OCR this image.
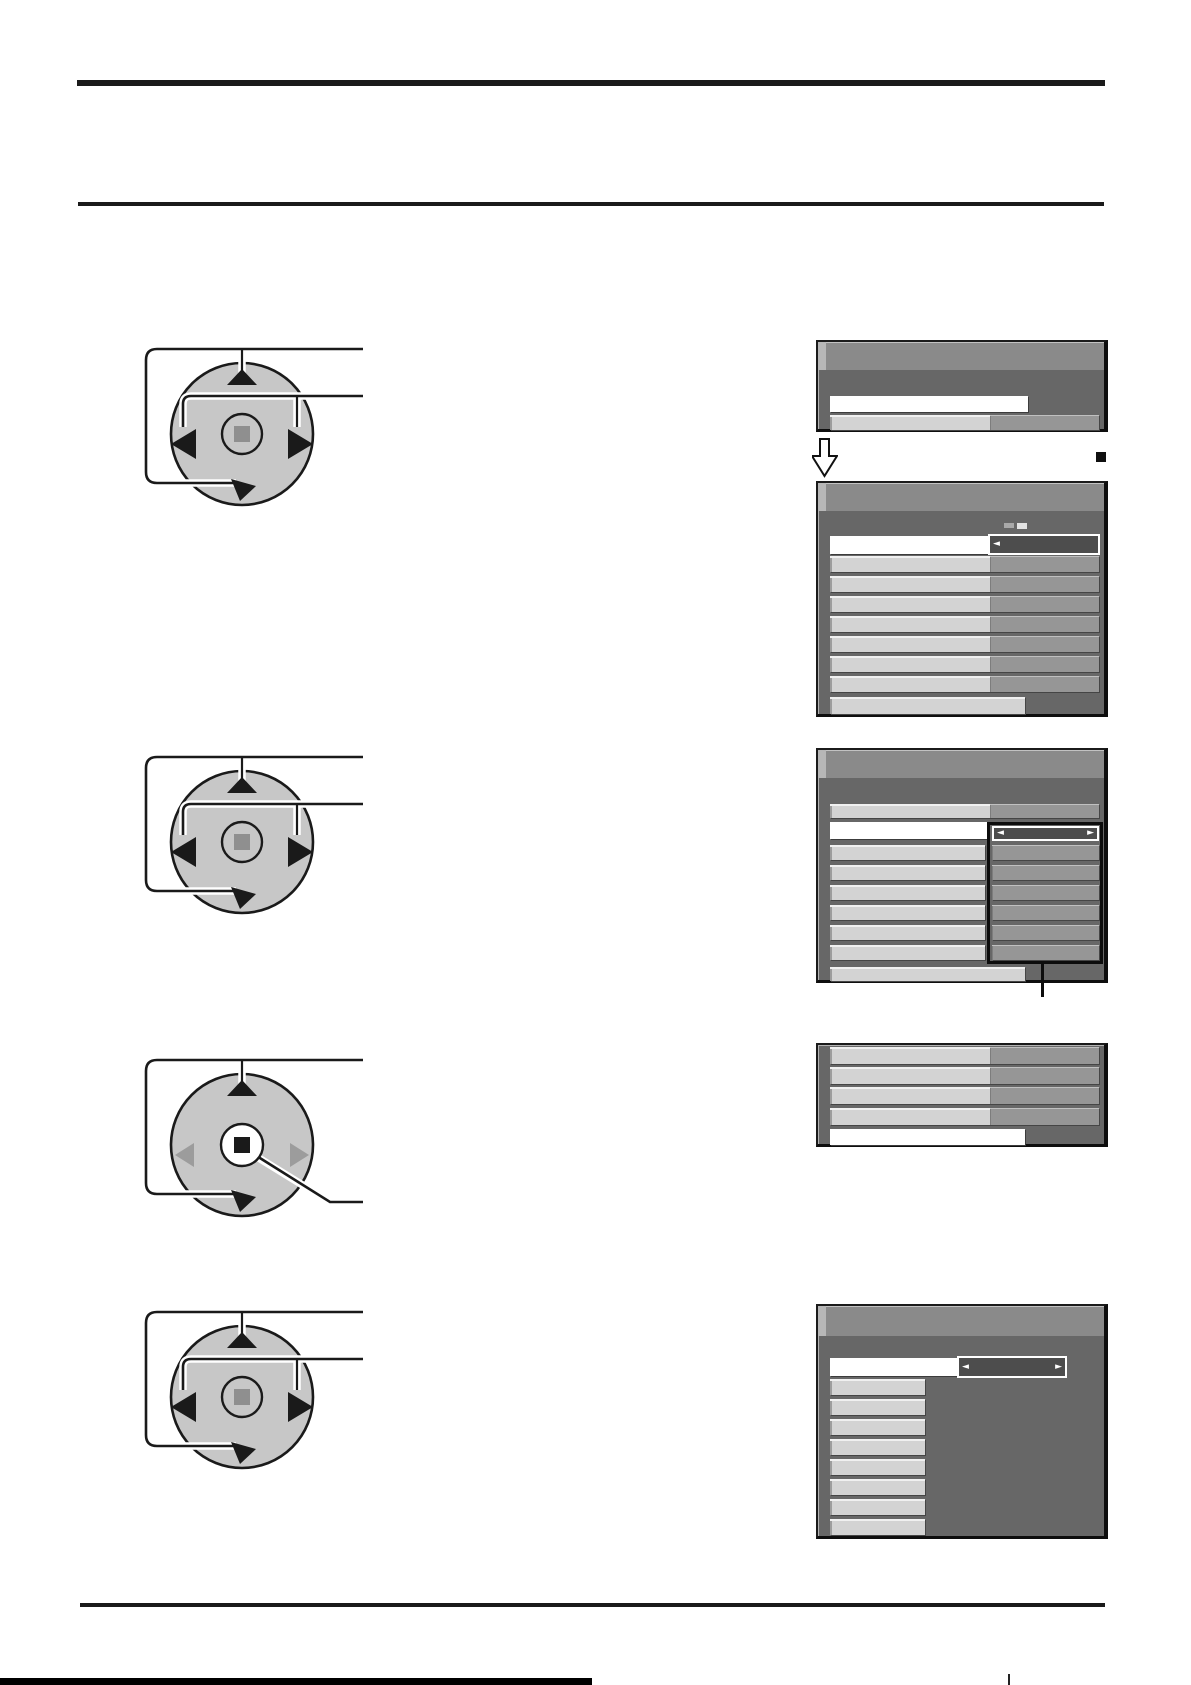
◄
◄	►
◄	►
